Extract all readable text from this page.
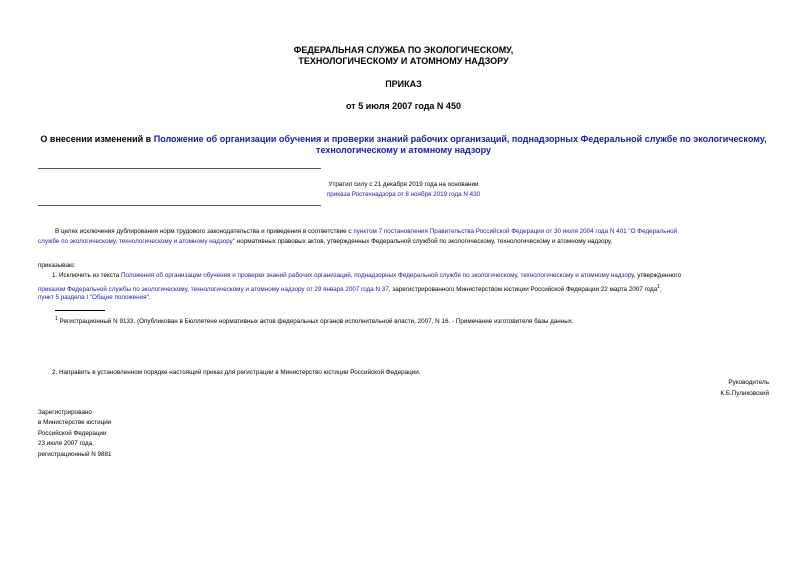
ФЕДЕРАЛЬНАЯ СЛУЖБА ПО ЭКОЛОГИЧЕСКОМУ,
ТЕХНОЛОГИЧЕСКОМУ И АТОМНОМУ НАДЗОРУ
ПРИКАЗ
от 5 июля 2007 года N 450
О внесении изменений в Положение об организации обучения и проверки знаний рабочих организаций, поднадзорных Федеральной службе по экологическому,
технологическому и атомному надзору
Утратил силу с 21 декабря 2019 года на основании
приказа Ростехнадзора от 8 ноября 2019 года N 430
В целях исключения дублирования норм трудового законодательства и приведения в соответствие с пунктом 7 постановления Правительства Российской Федерации от 30 июля 2004 года N 401 "О Федеральной
службе по экологическому, технологическому и атомному надзору" нормативных правовых актов, утвержденных Федеральной службой по экологическому, технологическому и атомному надзору,
приказываю:
1. Исключить из текста Положения об организации обучения и проверки знаний рабочих организаций, поднадзорных Федеральной службе по экологическому, технологическому и атомному надзору, утвержденного
приказом Федеральной службы по экологическому, технологическому и атомному надзору от 29 января 2007 года N 37, зарегистрированного Министерством юстиции Российской Федерации 22 марта 2007 года$^1$,
пункт 5 раздела I "Общие положения".
$^1$ Регистрационный N 9133. (Опубликован в Бюллетене нормативных актов федеральных органов исполнительной власти, 2007, N 16. - Примечание изготовителя базы данных.
2. Направить в установленном порядке настоящий приказ для регистрации в Министерство юстиции Российской Федерации.
Руководитель
К.Б.Пуликовский
Зарегистрировано
в Министерстве юстиции
Российской Федерации
23 июля 2007 года,
регистрационный N 9881
